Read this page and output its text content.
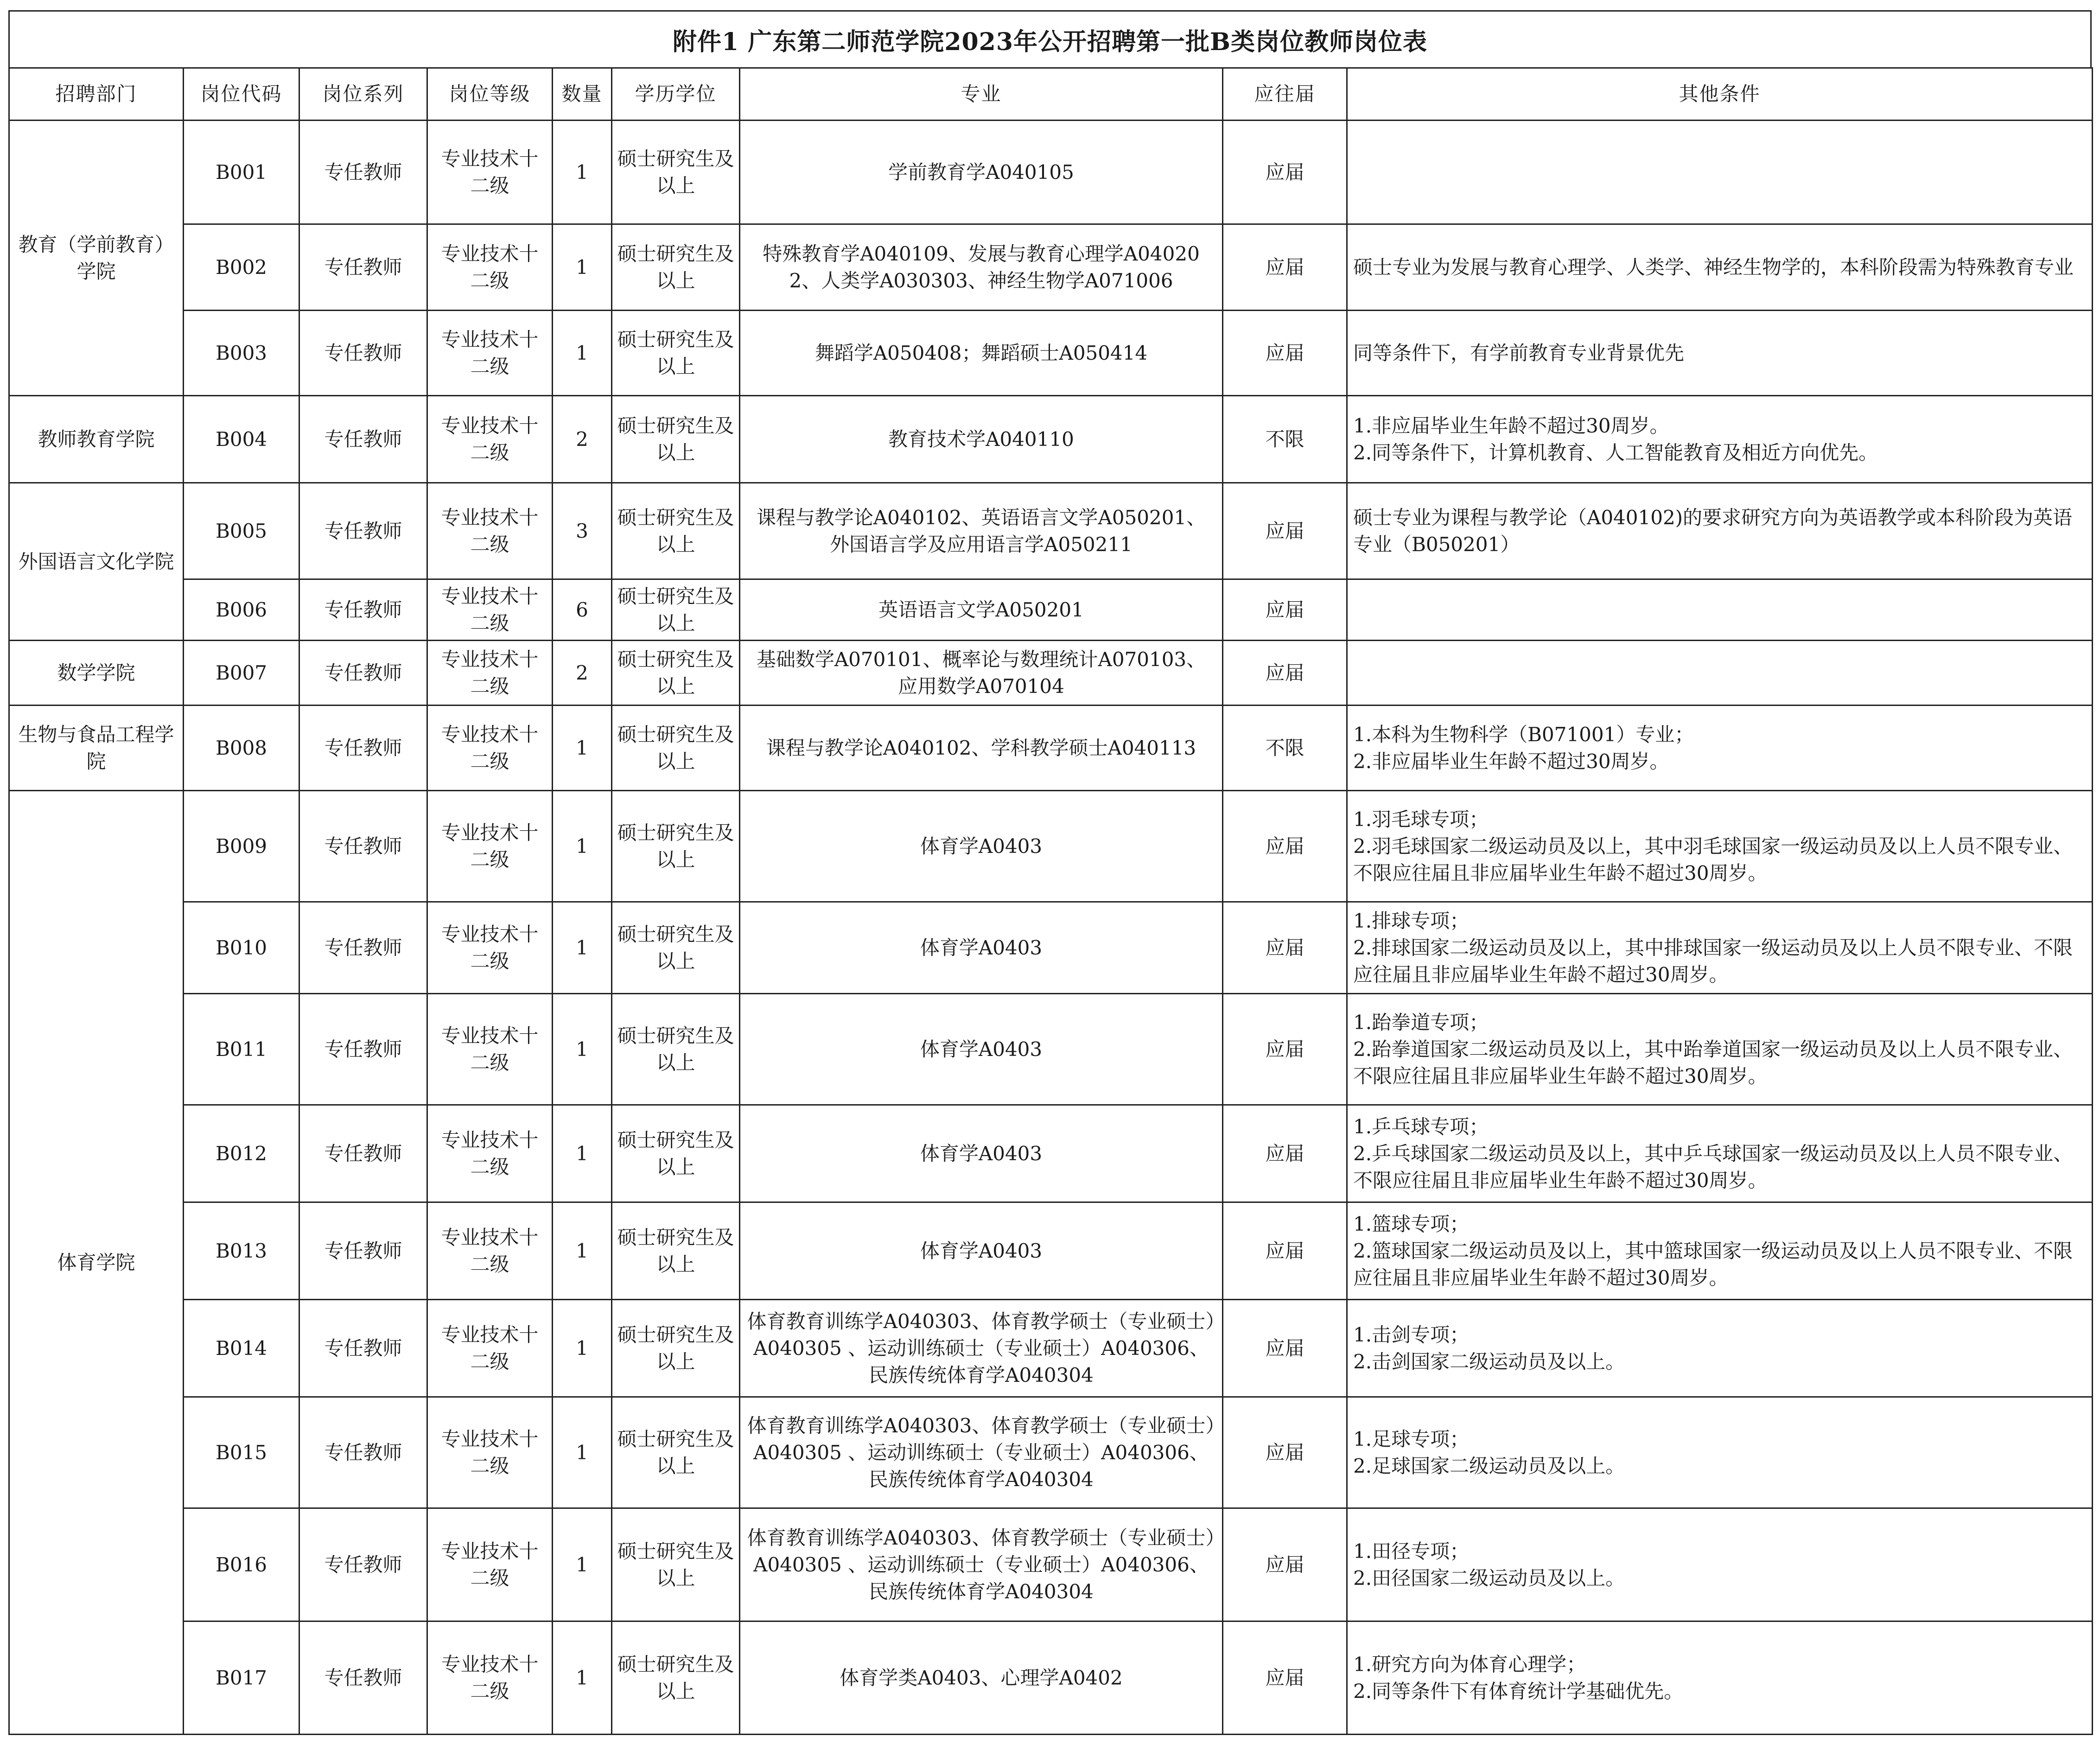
附件1 广东第二师范学院2023年公开招聘第一批B类岗位教师岗位表
招聘部门	岗位代码	岗位系列	岗位等级	数量	学历学位	专业	应往届	其他条件
教育（学前教育）学院	B001	专任教师	专业技术十二级	1	硕士研究生及以上	学前教育学A040105	应届	
	B002	专任教师	专业技术十二级	1	硕士研究生及以上	特殊教育学A040109、发展与教育心理学A040202、人类学A030303、神经生物学A071006	应届	硕士专业为发展与教育心理学、人类学、神经生物学的，本科阶段需为特殊教育专业

	B003	专任教师	专业技术十二级	1	硕士研究生及以上	舞蹈学A050408；舞蹈硕士A050414	应届	同等条件下，有学前教育专业背景优先

教师教育学院	B004	专任教师	专业技术十二级	2	硕士研究生及以上	教育技术学A040110	不限	1.非应届毕业生年龄不超过30周岁。
2.同等条件下，计算机教育、人工智能教育及相近方向优先。

外国语言文化学院	B005	专任教师	专业技术十二级	3	硕士研究生及以上	课程与教学论A040102、英语语言文学A050201、外国语言学及应用语言学A050211	应届	硕士专业为课程与教学论（A040102)的要求研究方向为英语教学或本科阶段为英语专业（B050201）

	B006	专任教师	专业技术十二级	6	硕士研究生及以上	英语语言文学A050201	应届	
数学学院	B007	专任教师	专业技术十二级	2	硕士研究生及以上	基础数学A070101、概率论与数理统计A070103、应用数学A070104	应届	
生物与食品工程学院	B008	专任教师	专业技术十二级	1	硕士研究生及以上	课程与教学论A040102、学科教学硕士A040113	不限	1.本科为生物科学（B071001）专业；
2.非应届毕业生年龄不超过30周岁。

体育学院	B009	专任教师	专业技术十二级	1	硕士研究生及以上	体育学A0403	应届	1.羽毛球专项；
2.羽毛球国家二级运动员及以上，其中羽毛球国家一级运动员及以上人员不限专业、不限应往届且非应届毕业生年龄不超过30周岁。

	B010	专任教师	专业技术十二级	1	硕士研究生及以上	体育学A0403	应届	1.排球专项；
2.排球国家二级运动员及以上，其中排球国家一级运动员及以上人员不限专业、不限应往届且非应届毕业生年龄不超过30周岁。

	B011	专任教师	专业技术十二级	1	硕士研究生及以上	体育学A0403	应届	1.跆拳道专项；
2.跆拳道国家二级运动员及以上，其中跆拳道国家一级运动员及以上人员不限专业、不限应往届且非应届毕业生年龄不超过30周岁。

	B012	专任教师	专业技术十二级	1	硕士研究生及以上	体育学A0403	应届	1.乒乓球专项；
2.乒乓球国家二级运动员及以上，其中乒乓球国家一级运动员及以上人员不限专业、不限应往届且非应届毕业生年龄不超过30周岁。

	B013	专任教师	专业技术十二级	1	硕士研究生及以上	体育学A0403	应届	1.篮球专项；
2.篮球国家二级运动员及以上，其中篮球国家一级运动员及以上人员不限专业、不限应往届且非应届毕业生年龄不超过30周岁。

	B014	专任教师	专业技术十二级	1	硕士研究生及以上	体育教育训练学A040303、体育教学硕士（专业硕士）A040305 、运动训练硕士（专业硕士）A040306、民族传统体育学A040304	应届	1.击剑专项；
2.击剑国家二级运动员及以上。

	B015	专任教师	专业技术十二级	1	硕士研究生及以上	体育教育训练学A040303、体育教学硕士（专业硕士）A040305 、运动训练硕士（专业硕士）A040306、民族传统体育学A040304	应届	1.足球专项；
2.足球国家二级运动员及以上。

	B016	专任教师	专业技术十二级	1	硕士研究生及以上	体育教育训练学A040303、体育教学硕士（专业硕士）A040305 、运动训练硕士（专业硕士）A040306、民族传统体育学A040304	应届	1.田径专项；
2.田径国家二级运动员及以上。

	B017	专任教师	专业技术十二级	1	硕士研究生及以上	体育学类A0403、心理学A0402	应届	1.研究方向为体育心理学；
2.同等条件下有体育统计学基础优先。
